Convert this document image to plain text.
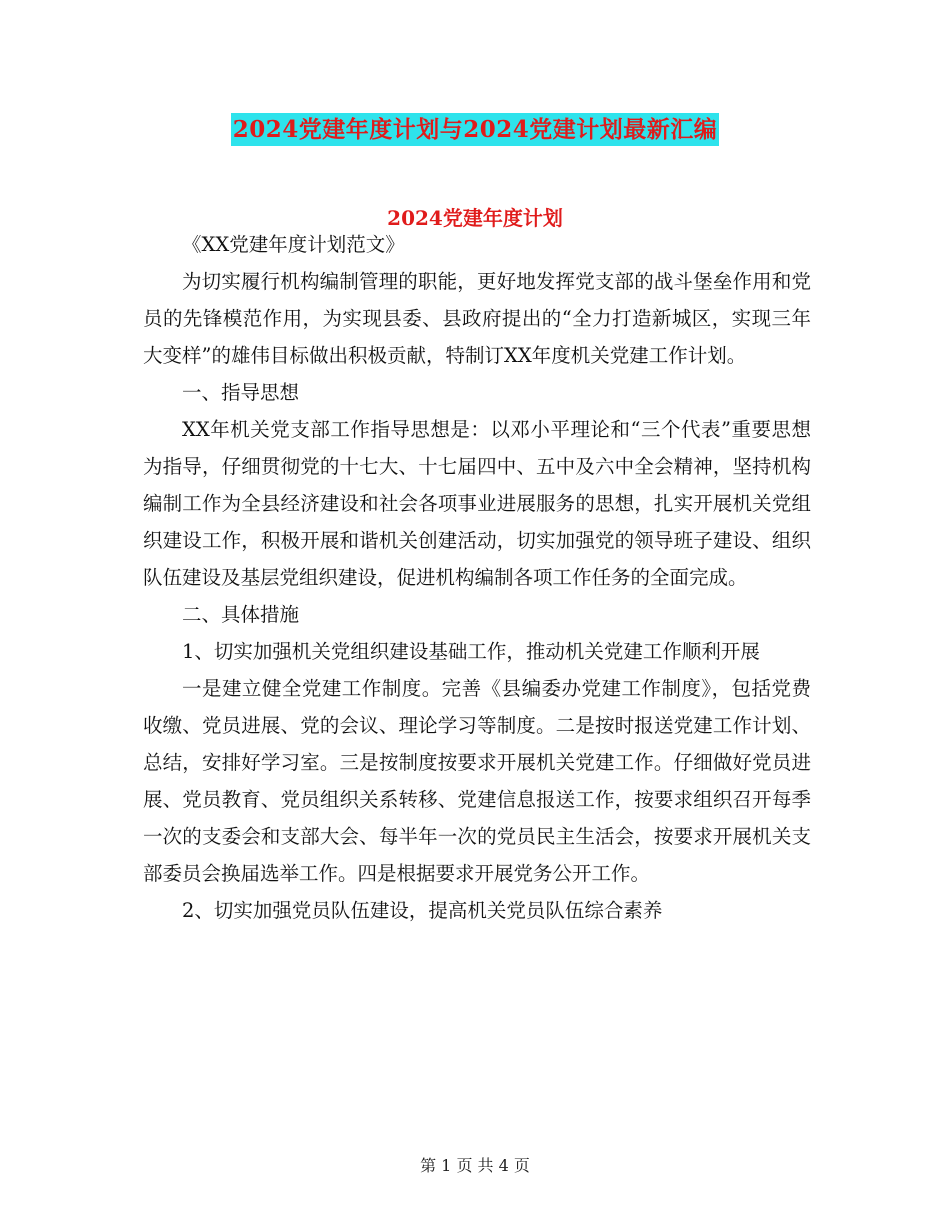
2024党建年度计划与2024党建计划最新汇编
2024党建年度计划

《XX党建年度计划范文》

为切实履行机构编制管理的职能，更好地发挥党支部的战斗堡垒作用和党员的先锋模范作用，为实现县委、县政府提出的“全力打造新城区，实现三年大变样”的雄伟目标做出积极贡献，特制订XX年度机关党建工作计划。

一、指导思想

XX年机关党支部工作指导思想是：以邓小平理论和“三个代表”重要思想为指导，仔细贯彻党的十七大、十七届四中、五中及六中全会精神，坚持机构编制工作为全县经济建设和社会各项事业进展服务的思想，扎实开展机关党组织建设工作，积极开展和谐机关创建活动，切实加强党的领导班子建设、组织队伍建设及基层党组织建设，促进机构编制各项工作任务的全面完成。

二、具体措施

1、切实加强机关党组织建设基础工作，推动机关党建工作顺利开展

一是建立健全党建工作制度。完善《县编委办党建工作制度》，包括党费收缴、党员进展、党的会议、理论学习等制度。二是按时报送党建工作计划、总结，安排好学习室。三是按制度按要求开展机关党建工作。仔细做好党员进展、党员教育、党员组织关系转移、党建信息报送工作，按要求组织召开每季一次的支委会和支部大会、每半年一次的党员民主生活会，按要求开展机关支部委员会换届选举工作。四是根据要求开展党务公开工作。

2、切实加强党员队伍建设，提高机关党员队伍综合素养

第 1 页 共 4 页
